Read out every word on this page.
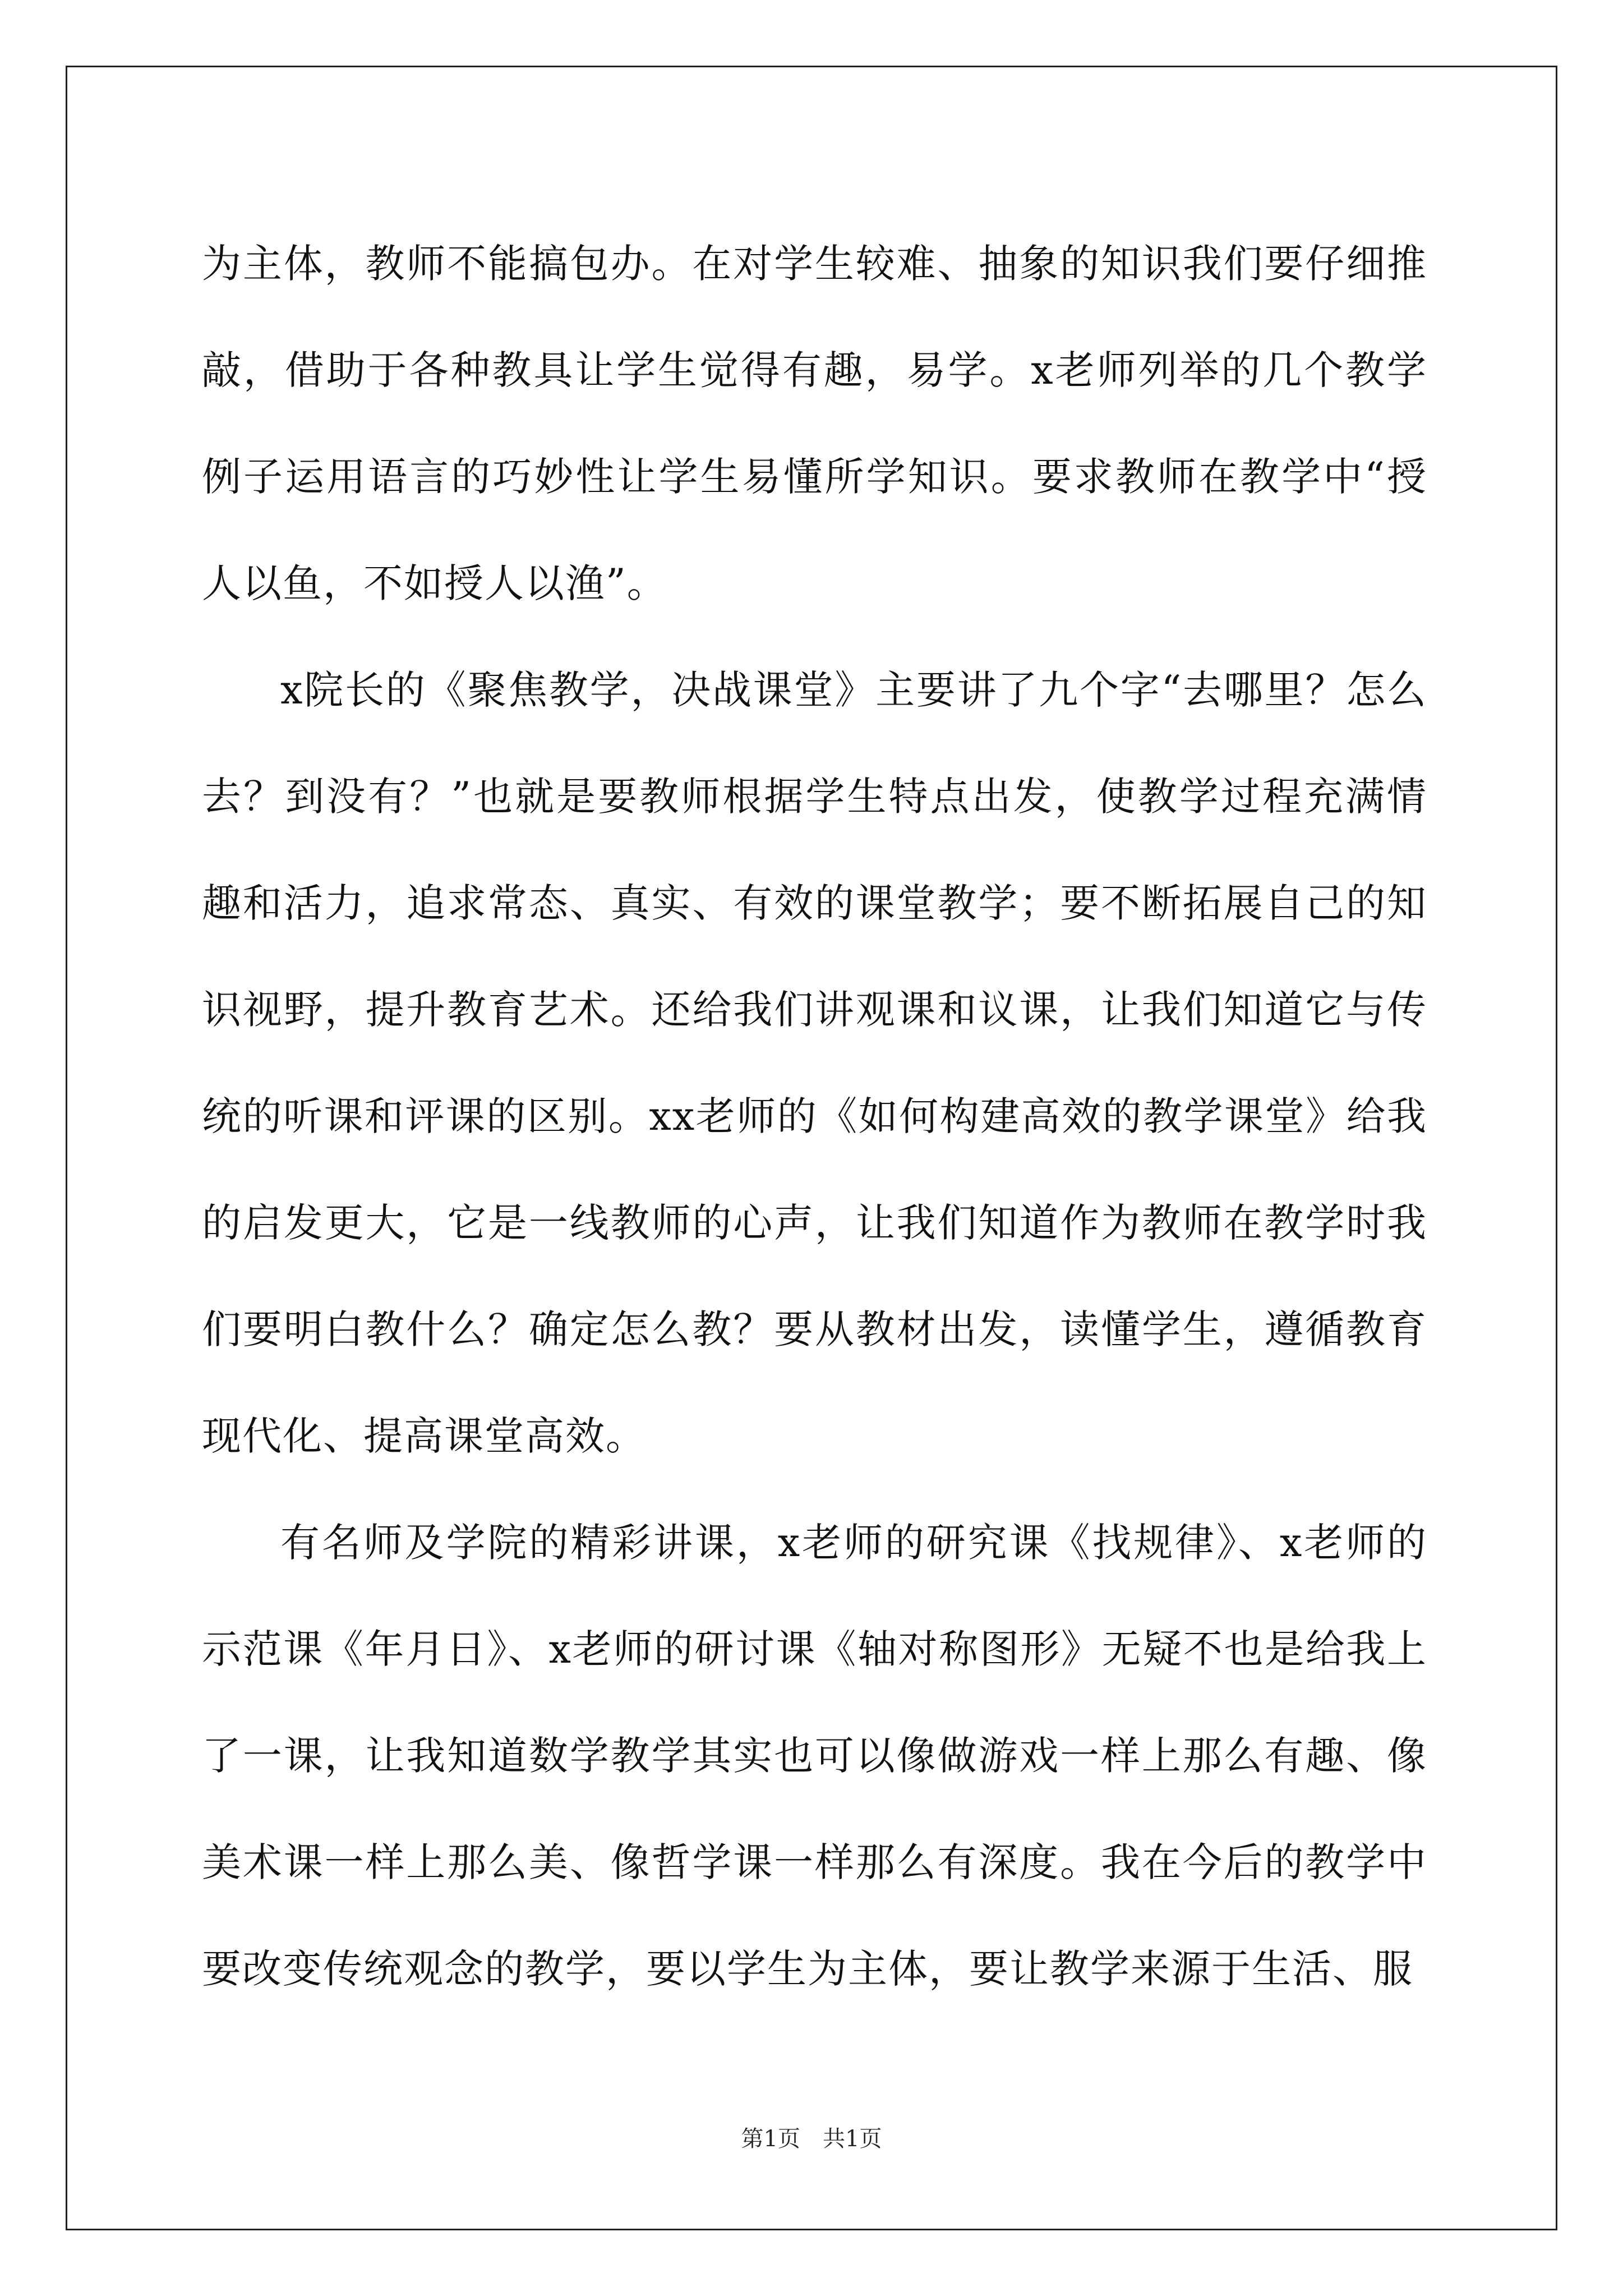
为主体，教师不能搞包办。在对学生较难、抽象的知识我们要仔细推敲，借助于各种教具让学生觉得有趣，易学。x老师列举的几个教学例子运用语言的巧妙性让学生易懂所学知识。要求教师在教学中“授人以鱼，不如授人以渔”。

x院长的《聚焦教学，决战课堂》主要讲了九个字“去哪里？怎么去？到没有？”也就是要教师根据学生特点出发，使教学过程充满情趣和活力，追求常态、真实、有效的课堂教学；要不断拓展自己的知识视野，提升教育艺术。还给我们讲观课和议课，让我们知道它与传统的听课和评课的区别。xx老师的《如何构建高效的教学课堂》给我的启发更大，它是一线教师的心声，让我们知道作为教师在教学时我们要明白教什么？确定怎么教？要从教材出发，读懂学生，遵循教育现代化、提高课堂高效。

有名师及学院的精彩讲课，x老师的研究课《找规律》、x老师的示范课《年月日》、x老师的研讨课《轴对称图形》无疑不也是给我上了一课，让我知道数学教学其实也可以像做游戏一样上那么有趣、像美术课一样上那么美、像哲学课一样那么有深度。我在今后的教学中要改变传统观念的教学，要以学生为主体，要让教学来源于生活、服

第1页　共1页
